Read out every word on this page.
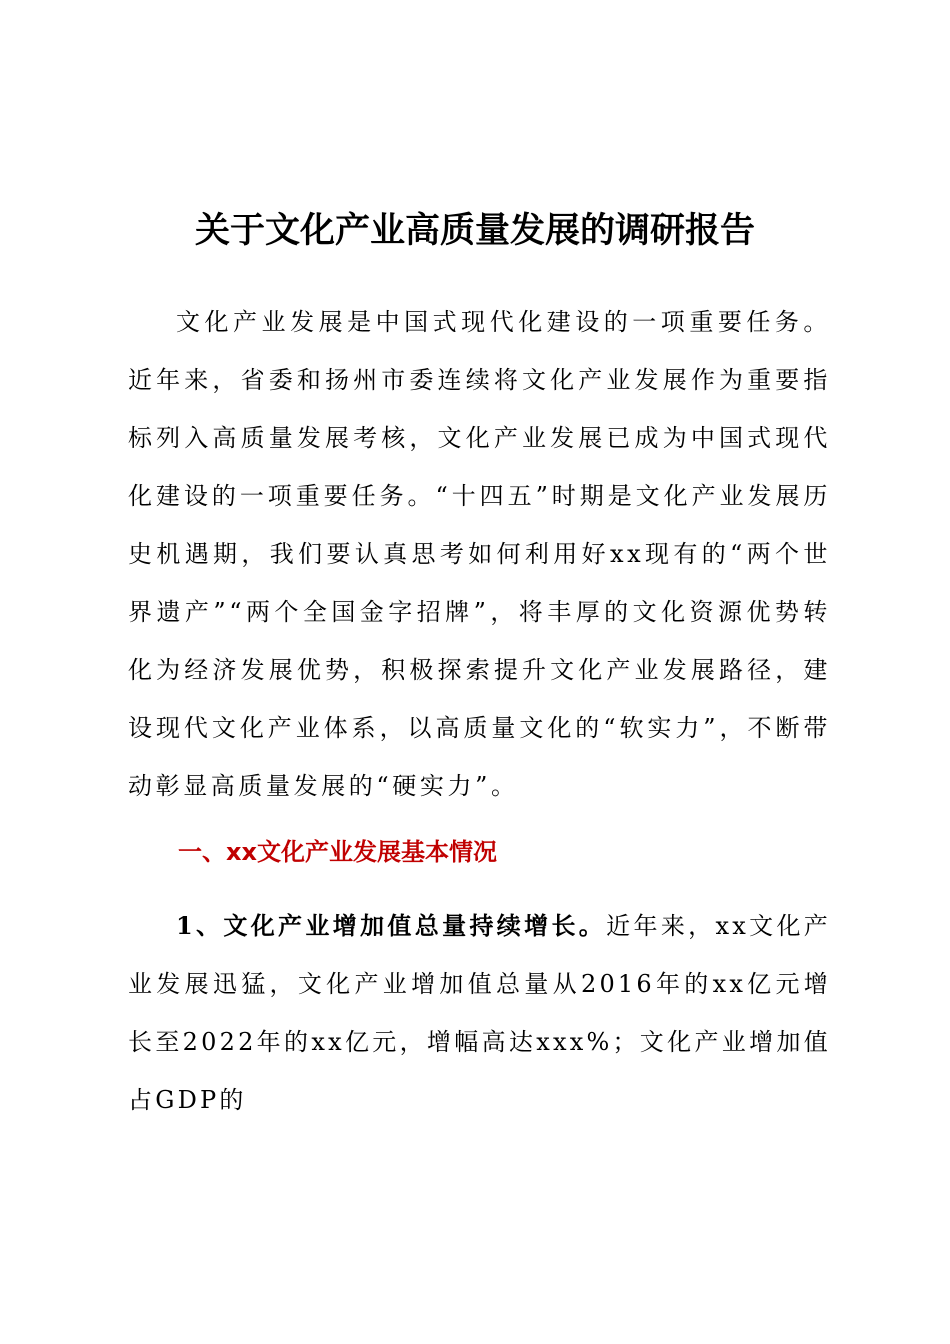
关于文化产业高质量发展的调研报告

文化产业发展是中国式现代化建设的一项重要任务。近年来，省委和扬州市委连续将文化产业发展作为重要指标列入高质量发展考核，文化产业发展已成为中国式现代化建设的一项重要任务。“十四五”时期是文化产业发展历史机遇期，我们要认真思考如何利用好xx现有的“两个世界遗产”“两个全国金字招牌”，将丰厚的文化资源优势转化为经济发展优势，积极探索提升文化产业发展路径，建设现代文化产业体系，以高质量文化的“软实力”，不断带动彰显高质量发展的“硬实力”。

一、xx文化产业发展基本情况

1、文化产业增加值总量持续增长。近年来，xx文化产业发展迅猛，文化产业增加值总量从2016年的xx亿元增长至2022年的xx亿元，增幅高达xxx%；文化产业增加值占GDP的
